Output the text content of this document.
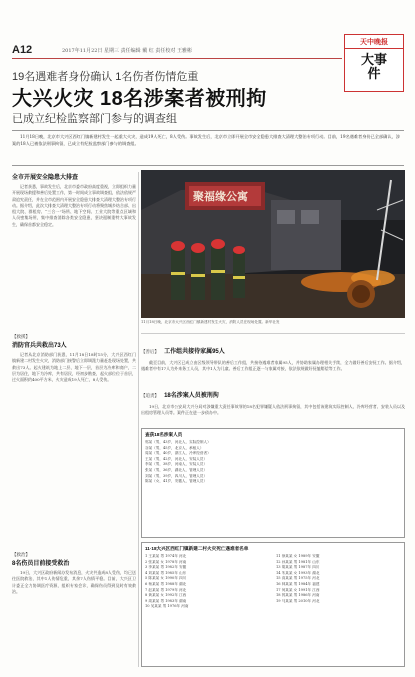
A12	2017年11月22日 星期三 责任编辑 戴 红 责任校对 王雅彬
天中晚报
大事件
19名遇难者身份确认 1名伤者伤情危重
大兴火灾 18名涉案者被刑拘
已成立纪检监察部门参与的调查组

11月18日晚，北京市大兴区西红门镇新建村发生一起重大火灾，造成19人死亡，8人受伤。事故发生后，北京市立即开展全市安全隐患大排查大清理大整治专项行动。目前，19名遇难者身份已全部确认，涉案的18人已被依法刑事拘留，已成立有纪检监察部门参与的调查组。

全市开展安全隐患大排查

记者获悉，事故发生后，北京市委市政府高度重视，立即组织力量开展现场救援和善后处置工作，第一时间成立事故调查组，依法依规严肃追究责任，并在全市范围内开展安全隐患大排查大清理大整治专项行动。据介绍，此次大排查大清理大整治专项行动将聚焦城乡结合部、出租大院、群租房、“三合一”场所、地下空间、工业大院等重点区域和人员密集场所，集中排查消除各类安全隐患，坚决遏制重特大事故发生，确保首都安全稳定。

聚福缘公寓
11月18日晚，北京市大兴区西红门镇新建村发生火灾，消防人员在现场处置。新华社发
【救援】
消防官兵共救出73人

记者从北京消防部门获悉，11月18日18时15分，大兴区西红门镇新建二村发生火灾，消防部门接警后立即调派力量赶赴现场处置，共救出73人。起火建筑为地上二层、地下一层，首层为冷库和商户，二层为居住，地下为冷库，共有居民，经初步勘查，起火部位位于首层，过火面积约400平方米，火灾造成19人死亡，8人受伤。

【救治】
8名伤员目前接受救治

19日，大兴区政府新闻办发布消息，火灾共造成8人受伤，均已送往医院救治，其中1人伤情危重，其余7人伤情平稳。目前，大兴区卫计委正全力协调医疗资源，组织专家会诊，确保伤员得到及时有效救治。

【善后】 工作组共接待家属95人

截至目前，大兴区已成立由区级领导带队的善后工作组，共接待遇难者家属95人，并协助家属办理相关手续，全力做好善后安抚工作。据介绍，遇难者中有17人为外来务工人员，其中1人为儿童。善后工作组正逐一与家属对接，依法依规做好抚恤赔偿等工作。

【追责】 18名涉案人员被刑拘

19日，北京市公安局大兴分局对涉嫌重大责任事故罪的18名犯罪嫌疑人依法刑事拘留，其中包括该建筑实际控制人、冷库经营者、安装人员以及出租房管理人员等。案件正在进一步侦办中。

查获18名涉案人员
郭某（男，43岁，河北人，实际控制人）
谷某（男，45岁，北京人，承租人）
周某（男，40岁，浙江人，冷库经营者）
王某（男，42岁，河北人，安装人员）
李某（男，38岁，河南人，安装人员）
张某（男，36岁，湖北人，管理人员）
刘某（男，39岁，四川人，管理人员）
陈某（女，41岁，安徽人，管理人员）
11·18大兴区西红门镇新建二村火灾死亡遇难者名单
1 王某某 男 1974年 河北
2 张某某 女 1978年 河南
3 李某某 男 1982年 安徽
4 刘某某 男 1985年 山东
5 陈某某 女 1990年 四川
6 杨某某 男 1988年 湖北
7 赵某某 男 1979年 河北
8 黄某某 女 1992年 江西
9 周某某 男 1983年 湖南
10 吴某某 男 1976年 河南
11 徐某某 女 1989年 安徽
12 孙某某 男 1981年 山东
13 胡某某 男 1987年 四川
14 朱某某 女 1993年 湖北
15 高某某 男 1975年 河北
16 林某某 男 1984年 福建
17 何某某 女 1991年 江西
18 郭某某 男 1986年 河南
19 马某某 男 2010年 河北
